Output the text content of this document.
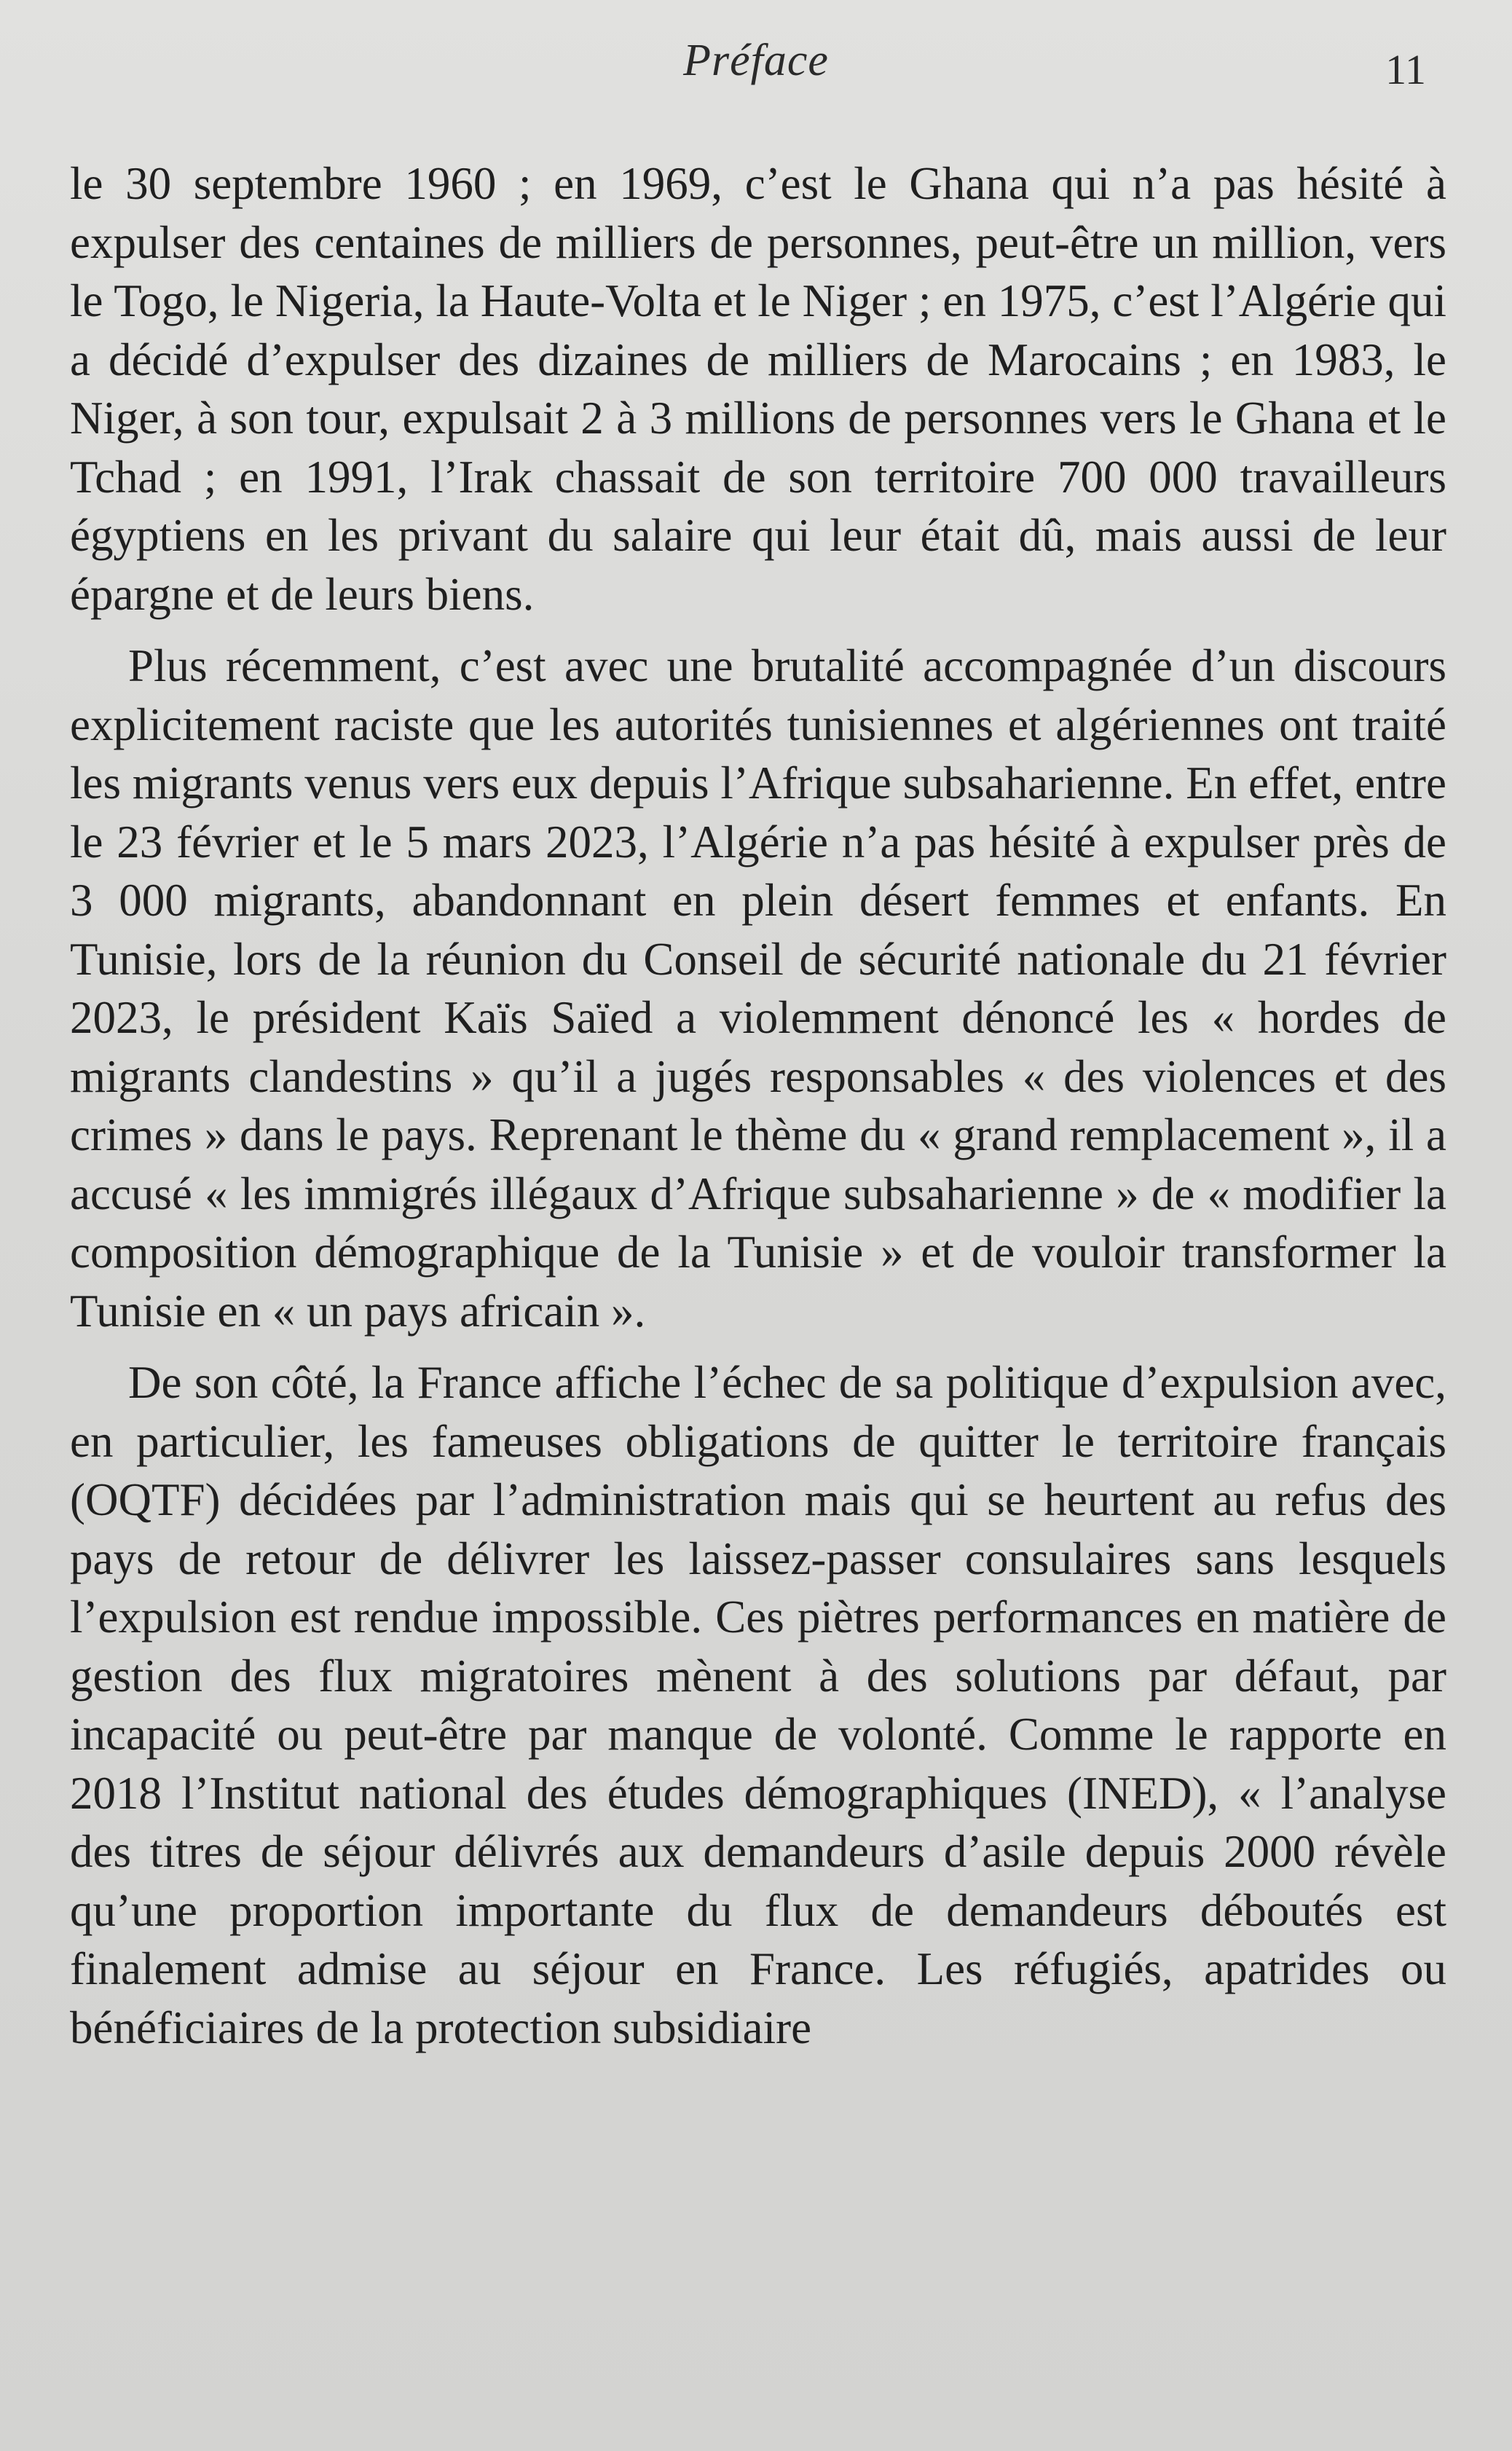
Préface	11

le 30 septembre 1960 ; en 1969, c’est le Ghana qui n’a pas hésité à expulser des centaines de milliers de personnes, peut-être un million, vers le Togo, le Nigeria, la Haute-Volta et le Niger ; en 1975, c’est l’Algérie qui a décidé d’expulser des dizaines de milliers de Marocains ; en 1983, le Niger, à son tour, expulsait 2 à 3 millions de personnes vers le Ghana et le Tchad ; en 1991, l’Irak chassait de son territoire 700 000 travailleurs égyptiens en les privant du salaire qui leur était dû, mais aussi de leur épargne et de leurs biens.

Plus récemment, c’est avec une brutalité accompagnée d’un discours explicitement raciste que les autorités tunisiennes et algériennes ont traité les migrants venus vers eux depuis l’Afrique subsaharienne. En effet, entre le 23 février et le 5 mars 2023, l’Algérie n’a pas hésité à expulser près de 3 000 migrants, abandonnant en plein désert femmes et enfants. En Tunisie, lors de la réunion du Conseil de sécurité nationale du 21 février 2023, le président Kaïs Saïed a violemment dénoncé les « hordes de migrants clandestins » qu’il a jugés responsables « des violences et des crimes » dans le pays. Reprenant le thème du « grand remplacement », il a accusé « les immigrés illégaux d’Afrique subsaharienne » de « modifier la composition démographique de la Tunisie » et de vouloir transformer la Tunisie en « un pays africain ».

De son côté, la France affiche l’échec de sa politique d’expulsion avec, en particulier, les fameuses obligations de quitter le territoire français (OQTF) décidées par l’administration mais qui se heurtent au refus des pays de retour de délivrer les laissez-passer consulaires sans lesquels l’expulsion est rendue impossible. Ces piètres performances en matière de gestion des flux migratoires mènent à des solutions par défaut, par incapacité ou peut-être par manque de volonté. Comme le rapporte en 2018 l’Institut national des études démographiques (INED), « l’analyse des titres de séjour délivrés aux demandeurs d’asile depuis 2000 révèle qu’une proportion importante du flux de demandeurs déboutés est finalement admise au séjour en France. Les réfugiés, apatrides ou bénéficiaires de la protection subsidiaire
